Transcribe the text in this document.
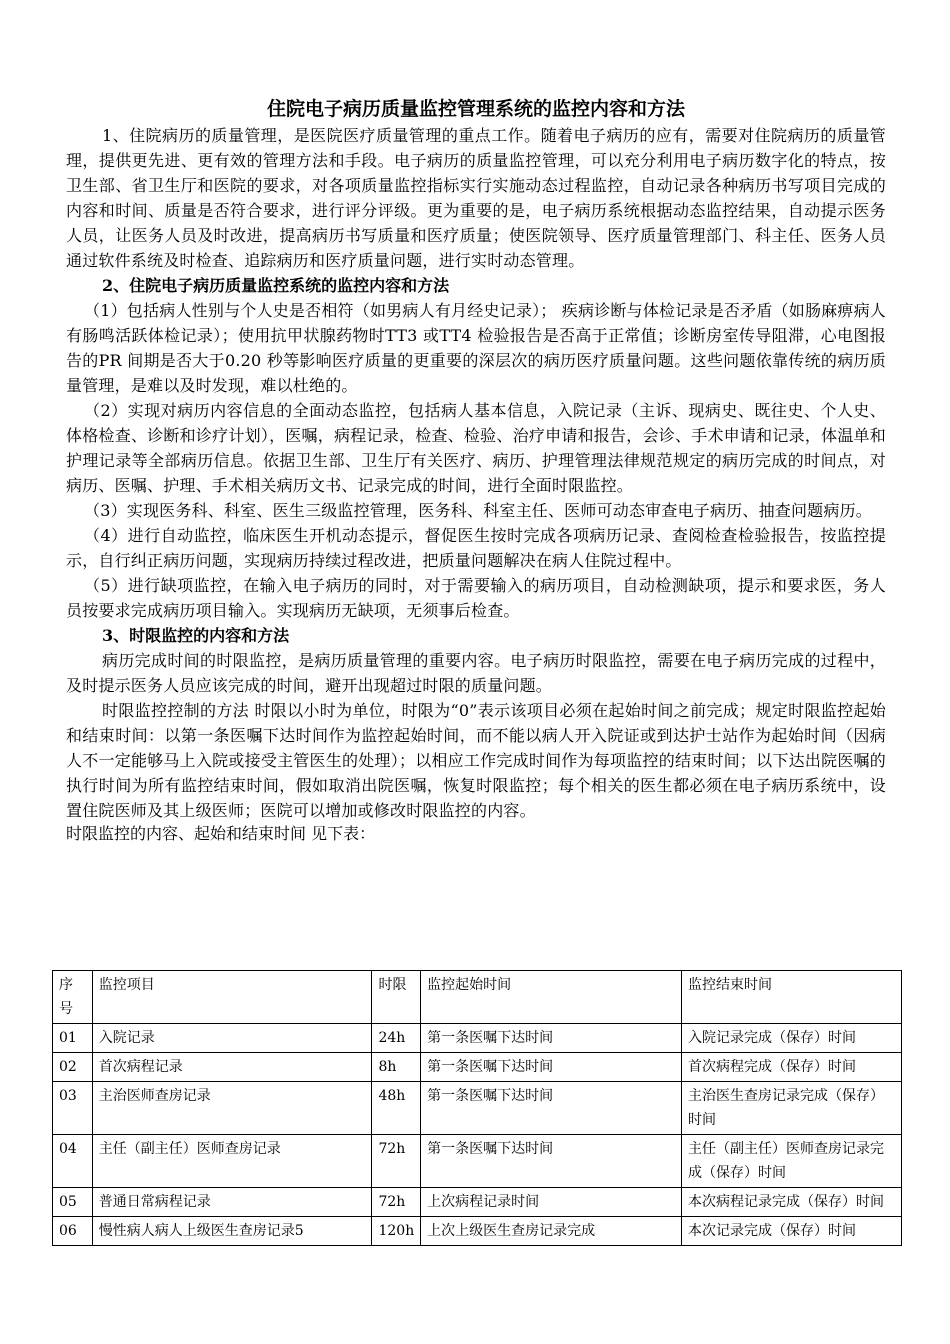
住院电子病历质量监控管理系统的监控内容和方法

1、住院病历的质量管理，是医院医疗质量管理的重点工作。随着电子病历的应有，需要对住院病历的质量管理，提供更先进、更有效的管理方法和手段。电子病历的质量监控管理，可以充分利用电子病历数字化的特点，按卫生部、省卫生厅和医院的要求，对各项质量监控指标实行实施动态过程监控，自动记录各种病历书写项目完成的内容和时间、质量是否符合要求，进行评分评级。更为重要的是，电子病历系统根据动态监控结果，自动提示医务人员，让医务人员及时改进，提高病历书写质量和医疗质量；使医院领导、医疗质量管理部门、科主任、医务人员通过软件系统及时检查、追踪病历和医疗质量问题，进行实时动态管理。

2、住院电子病历质量监控系统的监控内容和方法

（1）包括病人性别与个人史是否相符（如男病人有月经史记录）； 疾病诊断与体检记录是否矛盾（如肠麻痹病人有肠鸣活跃体检记录）；使用抗甲状腺药物时TT3 或TT4 检验报告是否高于正常值；诊断房室传导阻滞，心电图报告的PR 间期是否大于0.20 秒等影响医疗质量的更重要的深层次的病历医疗质量问题。这些问题依靠传统的病历质量管理，是难以及时发现，难以杜绝的。

（2）实现对病历内容信息的全面动态监控，包括病人基本信息，入院记录（主诉、现病史、既往史、个人史、体格检查、诊断和诊疗计划），医嘱，病程记录，检查、检验、治疗申请和报告，会诊、手术申请和记录，体温单和护理记录等全部病历信息。依据卫生部、卫生厅有关医疗、病历、护理管理法律规范规定的病历完成的时间点，对病历、医嘱、护理、手术相关病历文书、记录完成的时间，进行全面时限监控。

（3）实现医务科、科室、医生三级监控管理，医务科、科室主任、医师可动态审查电子病历、抽查问题病历。

（4）进行自动监控，临床医生开机动态提示，督促医生按时完成各项病历记录、查阅检查检验报告，按监控提示，自行纠正病历问题，实现病历持续过程改进，把质量问题解决在病人住院过程中。

（5）进行缺项监控，在输入电子病历的同时，对于需要输入的病历项目，自动检测缺项，提示和要求医，务人员按要求完成病历项目输入。实现病历无缺项，无须事后检查。

3、时限监控的内容和方法

病历完成时间的时限监控，是病历质量管理的重要内容。电子病历时限监控，需要在电子病历完成的过程中，及时提示医务人员应该完成的时间，避开出现超过时限的质量问题。

时限监控控制的方法 时限以小时为单位，时限为“0”表示该项目必须在起始时间之前完成；规定时限监控起始和结束时间：以第一条医嘱下达时间作为监控起始时间，而不能以病人开入院证或到达护士站作为起始时间（因病人不一定能够马上入院或接受主管医生的处理）；以相应工作完成时间作为每项监控的结束时间；以下达出院医嘱的执行时间为所有监控结束时间，假如取消出院医嘱，恢复时限监控；每个相关的医生都必须在电子病历系统中，设置住院医师及其上级医师；医院可以增加或修改时限监控的内容。

时限监控的内容、起始和结束时间 见下表：

序号	监控项目	时限	监控起始时间	监控结束时间
01	入院记录	24h	第一条医嘱下达时间	入院记录完成（保存）时间
02	首次病程记录	8h	第一条医嘱下达时间	首次病程完成（保存）时间
03	主治医师查房记录	48h	第一条医嘱下达时间	主治医生查房记录完成（保存）时间
04	主任（副主任）医师查房记录	72h	第一条医嘱下达时间	主任（副主任）医师查房记录完成（保存）时间
05	普通日常病程记录	72h	上次病程记录时间	本次病程记录完成（保存）时间
06	慢性病人病人上级医生查房记录5	120h	上次上级医生查房记录完成	本次记录完成（保存）时间
